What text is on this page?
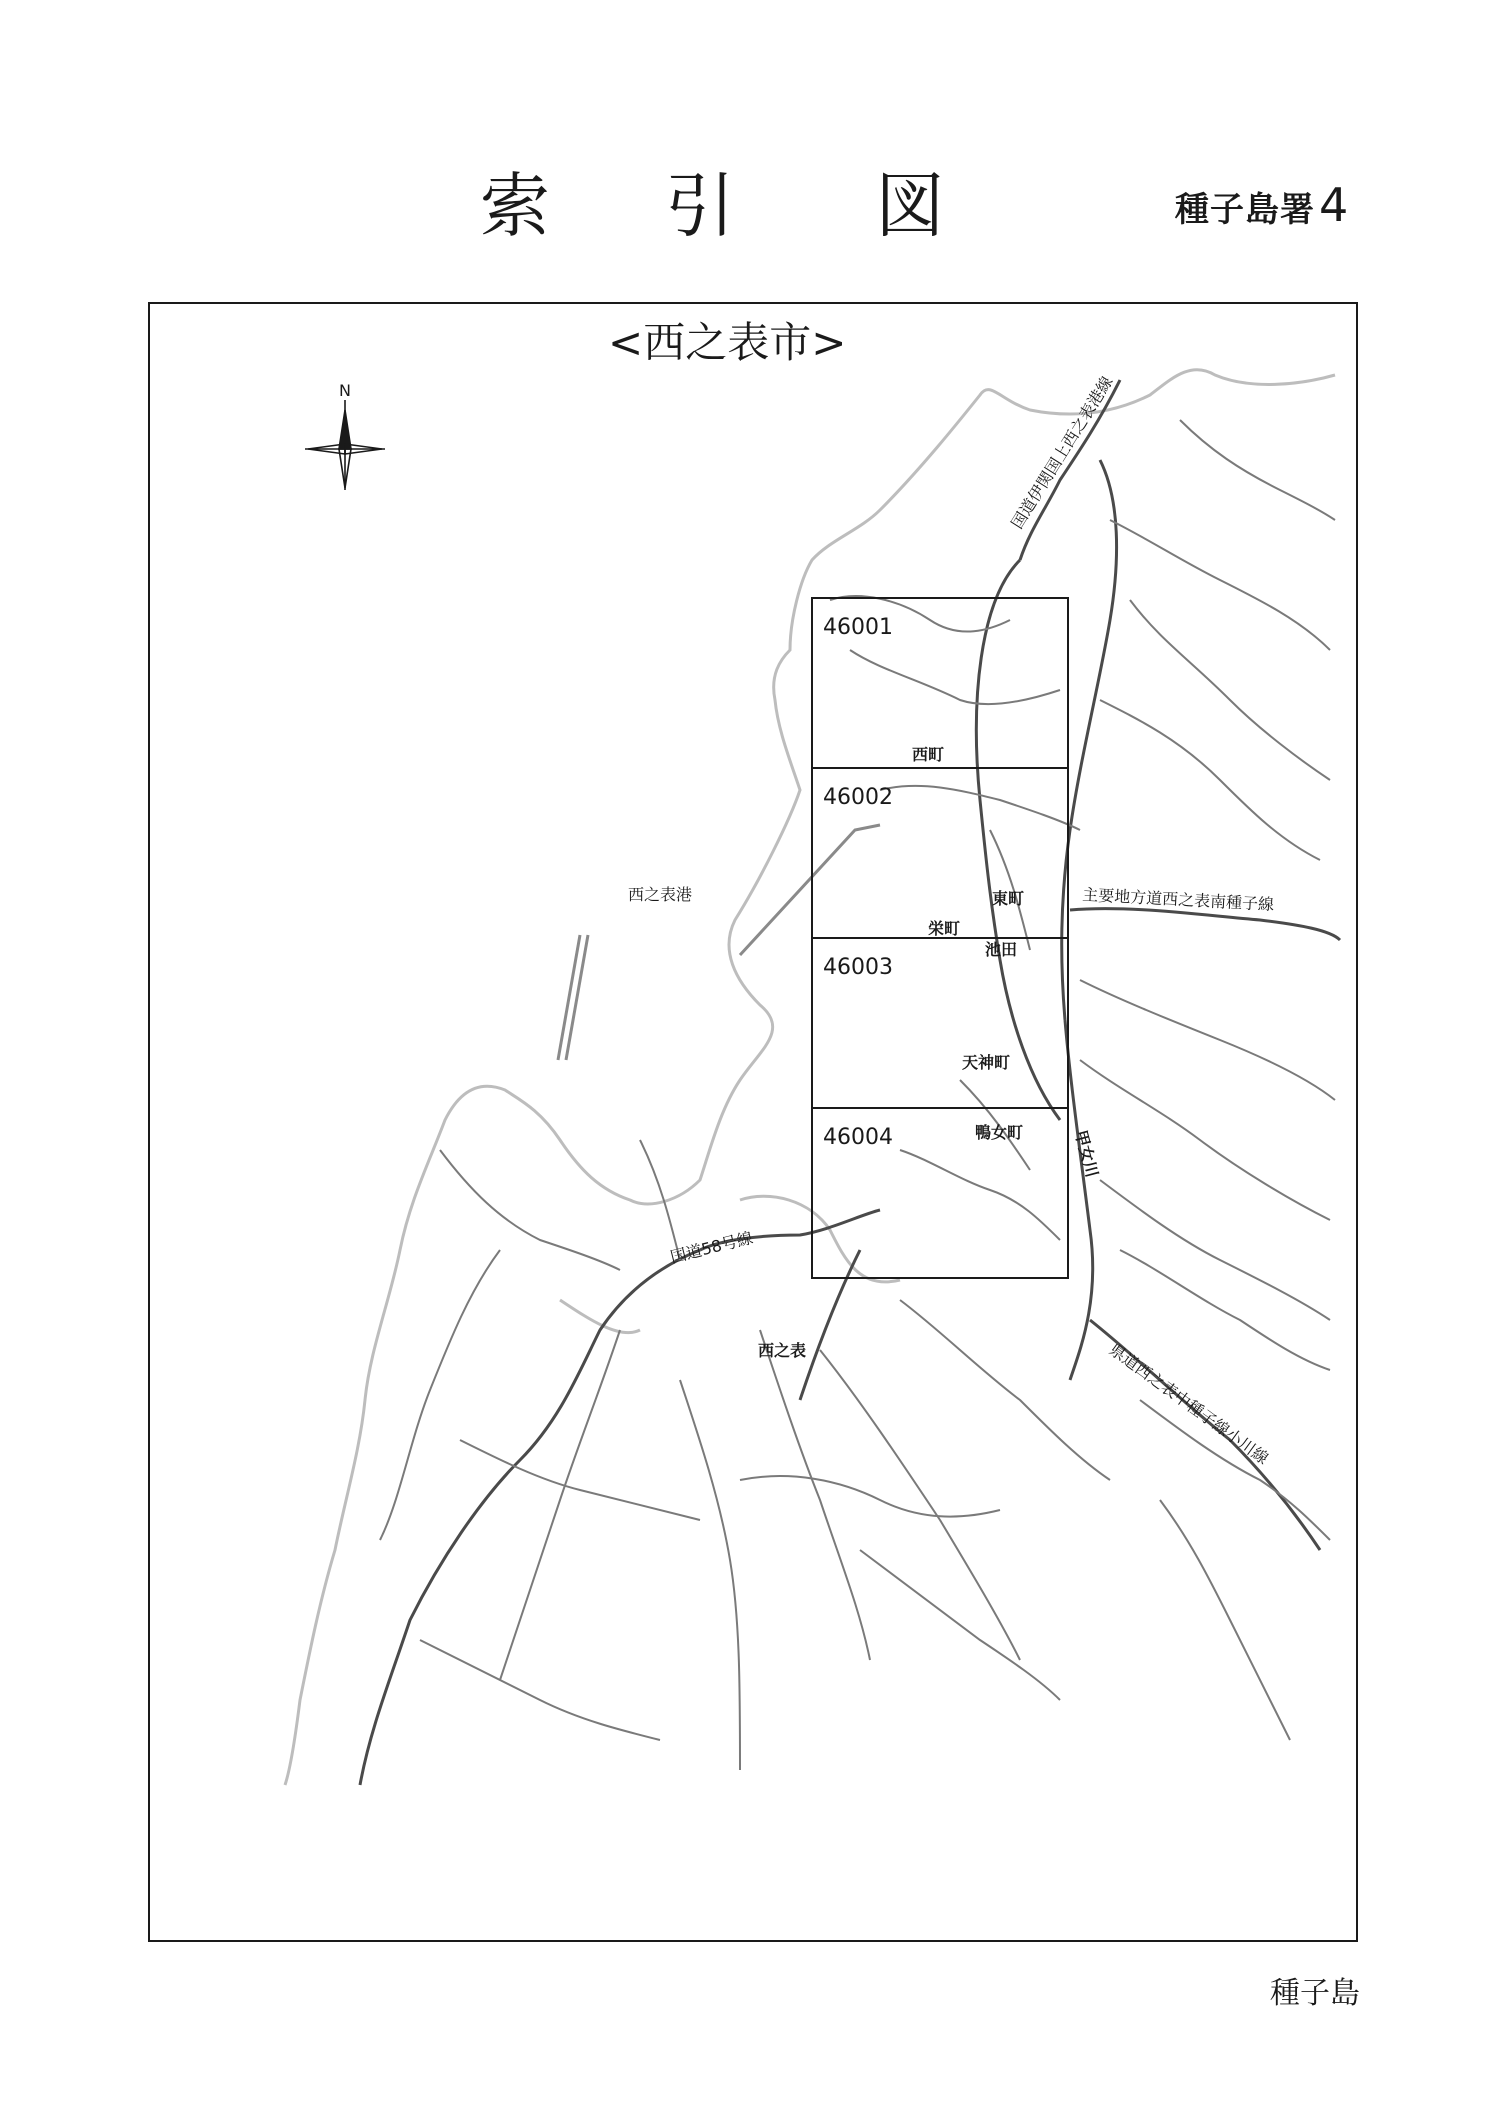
索 引 図	種子島署4
<西之表市>
N
46001
46002
46003
46004
西之表港
西町
東町
栄町
池田
天神町
鴨女町	甲女川
西之表
国道58号線
国道伊関国上西之表港線
主要地方道西之表南種子線
県道西之表中種子線小川線
種子島
